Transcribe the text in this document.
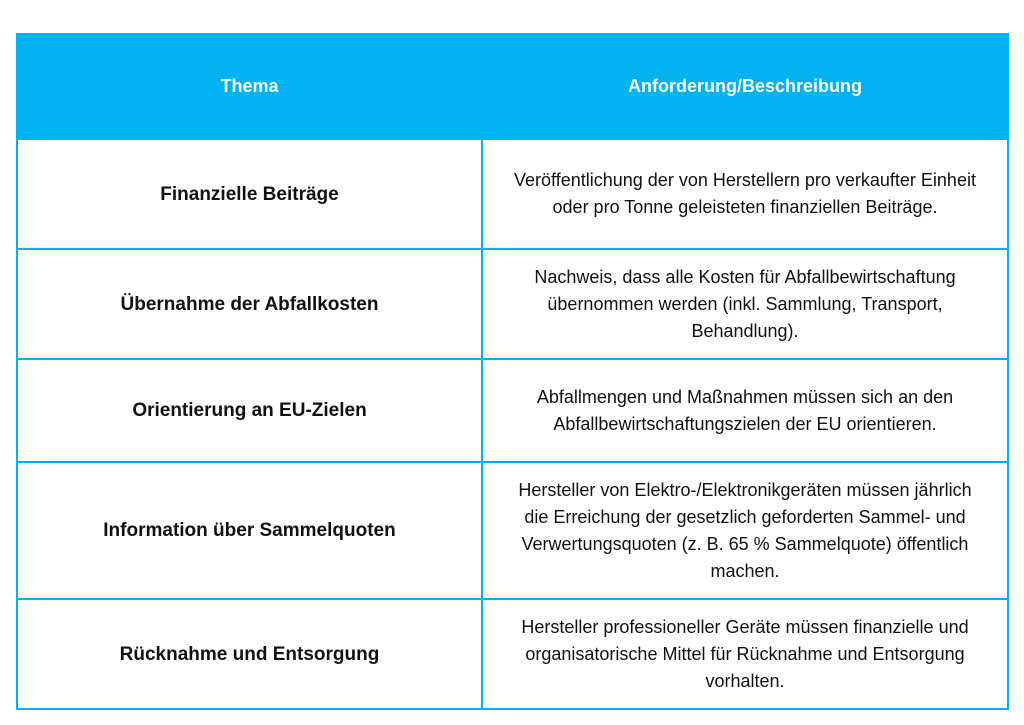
Thema	Anforderung/Beschreibung
Finanzielle Beiträge	Veröffentlichung der von Herstellern pro verkaufter Einheit oder pro Tonne geleisteten finanziellen Beiträge.
Übernahme der Abfallkosten	Nachweis, dass alle Kosten für Abfallbewirtschaftung übernommen werden (inkl. Sammlung, Transport, Behandlung).
Orientierung an EU-Zielen	Abfallmengen und Maßnahmen müssen sich an den Abfallbewirtschaftungszielen der EU orientieren.
Information über Sammelquoten	Hersteller von Elektro-/Elektronikgeräten müssen jährlich die Erreichung der gesetzlich geforderten Sammel- und Verwertungsquoten (z. B. 65 % Sammelquote) öffentlich machen.
Rücknahme und Entsorgung	Hersteller professioneller Geräte müssen finanzielle und organisatorische Mittel für Rücknahme und Entsorgung vorhalten.
